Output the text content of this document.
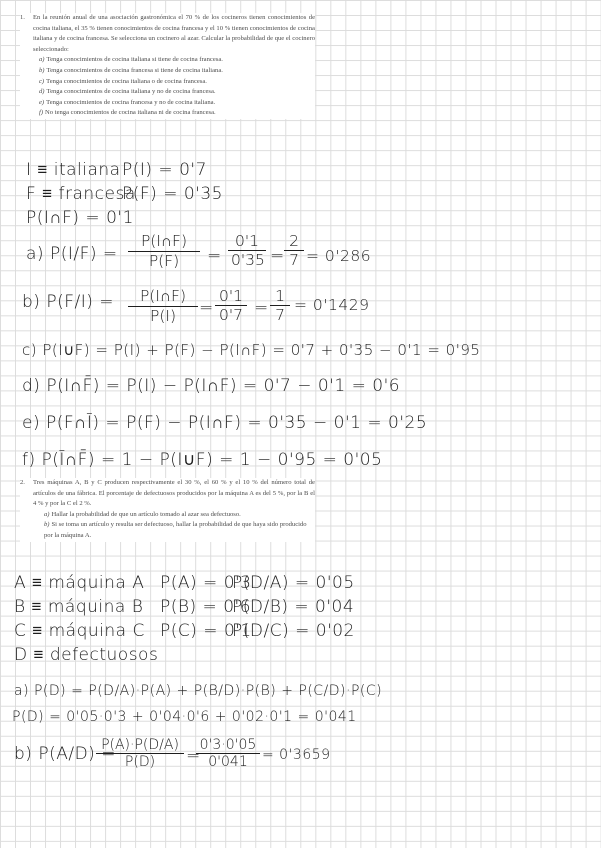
1. En la reunión anual de una asociación gastronómica el 70 % de los cocineros tienen conocimientos de cocina italiana, el 35 % tienen conocimientos de cocina francesa y el 10 % tienen conocimientos de cocina italiana y de cocina francesa. Se selecciona un cocinero al azar. Calcular la probabilidad de que el cocinero seleccionado:
a) Tenga conocimientos de cocina italiana si tiene de cocina francesa.
b) Tenga conocimientos de cocina francesa si tiene de cocina italiana.
c) Tenga conocimientos de cocina italiana o de cocina francesa.
d) Tenga conocimientos de cocina italiana y no de cocina francesa.
e) Tenga conocimientos de cocina francesa y no de cocina italiana.
f) No tenga conocimientos de cocina italiana ni de cocina francesa.
I ≡ italiana P(I) = 0'7
F ≡ francesa
P(F) = 0'35
P(I∩F) = 0'1
a) $P(I/F) = \frac{P(I\cap F)}{P(F)} = \frac{0'1}{0'35} = \frac{2}{7} = 0'286$
b) $P(F/I) = \frac{P(I\cap F)}{P(I)} = \frac{0'1}{0'7} = \frac{1}{7} = 0'1429$
c) P(I∪F) = P(I) + P(F) − P(I∩F) = 0'7 + 0'35 − 0'1 = 0'95
d) P(I∩F̄) = P(I) − P(I∩F) = 0'7 − 0'1 = 0'6
e) P(F∩Ī) = P(F) − P(I∩F) = 0'35 − 0'1 = 0'25
f) P(Ī∩F̄) = 1 − P(I∪F) = 1 − 0'95 = 0'05
2. Tres máquinas A, B y C producen respectivamente el 30 %, el 60 % y el 10 % del número total de artículos de una fábrica. El porcentaje de defectuosos producidos por la máquina A es del 5 %, por la B el 4 % y por la C el 2 %.
a) Hallar la probabilidad de que un artículo tomado al azar sea defectuoso.
b) Si se toma un artículo y resulta ser defectuoso, hallar la probabilidad de que haya sido producido por la máquina A.
A ≡ máquina A P(A) = 0'3
P(D/A) = 0'05
B ≡ máquina B P(B) = 0'6
P(D/B) = 0'04
C ≡ máquina C P(C) = 0'1
P(D/C) = 0'02
D ≡ defectuosos
a) P(D) = P(D/A)·P(A) + P(B/D)·P(B) + P(C/D)·P(C)
P(D) = 0'05·0'3 + 0'04·0'6 + 0'02·0'1 = 0'041
b) P(A/D) =
$\frac{P(A)\cdot P(D/A)}{P(D)}$ =
$\frac{0'3\cdot 0'05}{0'041} = 0'3659$
